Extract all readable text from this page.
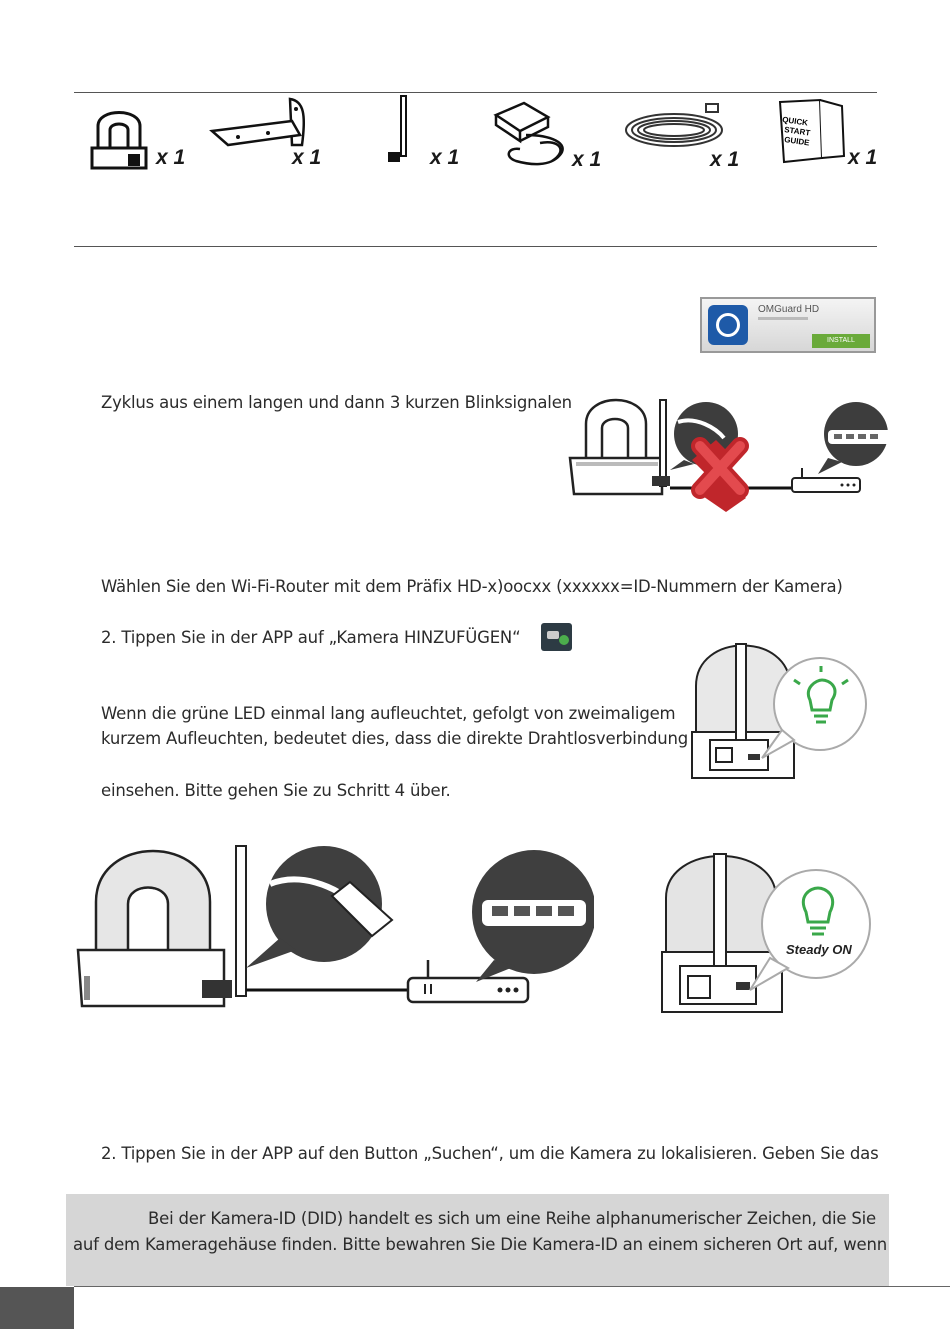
x 1	x 1	x 1	x 1	x 1
QUICK
START
GUIDE
x 1
OMGuard HD
INSTALL
Zyklus aus einem langen und dann 3 kurzen Blinksignalen
Wählen Sie den Wi-Fi-Router mit dem Präfix HD-x)oocxx (xxxxxx=ID-Nummern der Kamera)
2. Tippen Sie in der APP auf „Kamera HINZUFÜGEN“
Wenn die grüne LED einmal lang aufleuchtet, gefolgt von zweimaligem
kurzem Aufleuchten, bedeutet dies, dass die direkte Drahtlosverbindung
einsehen. Bitte gehen Sie zu Schritt 4 über.
Steady ON
2. Tippen Sie in der APP auf den Button „Suchen“, um die Kamera zu lokalisieren. Geben Sie das
Bei der Kamera-ID (DID) handelt es sich um eine Reihe alphanumerischer Zeichen, die Sie
auf dem Kameragehäuse finden. Bitte bewahren Sie Die Kamera-ID an einem sicheren Ort auf, wenn
